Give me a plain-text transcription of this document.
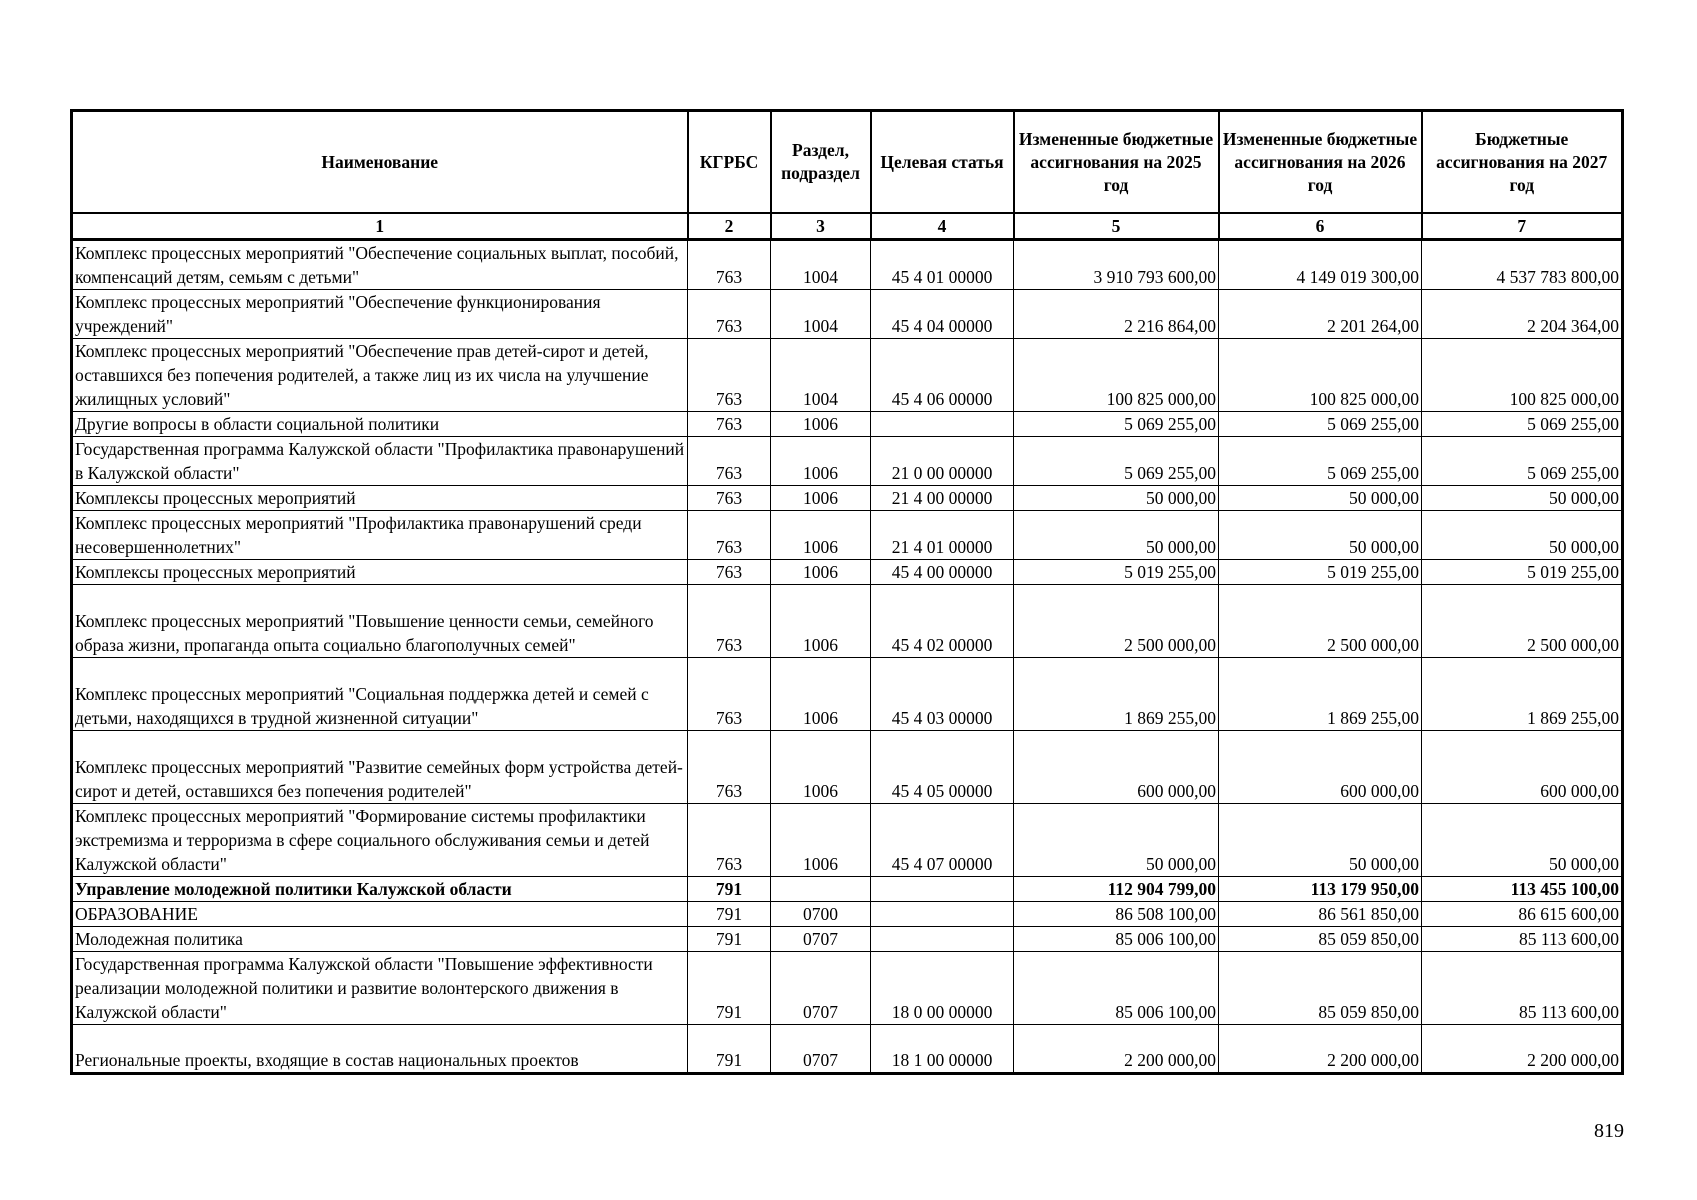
Наименование	КГРБС	Раздел, подраздел	Целевая статья	Измененные бюджетные ассигнования на 2025 год	Измененные бюджетные ассигнования на 2026 год	Бюджетные ассигнования на 2027 год
1	2	3	4	5	6	7
Комплекс процессных мероприятий "Обеспечение социальных выплат, пособий, компенсаций детям, семьям с детьми"	763	1004	45 4 01 00000	3 910 793 600,00	4 149 019 300,00	4 537 783 800,00
Комплекс процессных мероприятий "Обеспечение функционирования учреждений"	763	1004	45 4 04 00000	2 216 864,00	2 201 264,00	2 204 364,00
Комплекс процессных мероприятий "Обеспечение прав детей-сирот и детей, оставшихся без попечения родителей, а также лиц из их числа на улучшение жилищных условий"	763	1004	45 4 06 00000	100 825 000,00	100 825 000,00	100 825 000,00
Другие вопросы в области социальной политики	763	1006		5 069 255,00	5 069 255,00	5 069 255,00
Государственная программа Калужской области "Профилактика правонарушений в Калужской области"	763	1006	21 0 00 00000	5 069 255,00	5 069 255,00	5 069 255,00
Комплексы процессных мероприятий	763	1006	21 4 00 00000	50 000,00	50 000,00	50 000,00
Комплекс процессных мероприятий "Профилактика правонарушений среди несовершеннолетних"	763	1006	21 4 01 00000	50 000,00	50 000,00	50 000,00
Комплексы процессных мероприятий	763	1006	45 4 00 00000	5 019 255,00	5 019 255,00	5 019 255,00
Комплекс процессных мероприятий "Повышение ценности семьи, семейного образа жизни, пропаганда опыта социально благополучных семей"	763	1006	45 4 02 00000	2 500 000,00	2 500 000,00	2 500 000,00
Комплекс процессных мероприятий "Социальная поддержка детей и семей с детьми, находящихся в трудной жизненной ситуации"	763	1006	45 4 03 00000	1 869 255,00	1 869 255,00	1 869 255,00
Комплекс процессных мероприятий "Развитие семейных форм устройства детей-сирот и детей, оставшихся без попечения родителей"	763	1006	45 4 05 00000	600 000,00	600 000,00	600 000,00
Комплекс процессных мероприятий "Формирование системы профилактики экстремизма и терроризма в сфере социального обслуживания семьи и детей Калужской области"	763	1006	45 4 07 00000	50 000,00	50 000,00	50 000,00
Управление молодежной политики Калужской области	791			112 904 799,00	113 179 950,00	113 455 100,00
ОБРАЗОВАНИЕ	791	0700		86 508 100,00	86 561 850,00	86 615 600,00
Молодежная политика	791	0707		85 006 100,00	85 059 850,00	85 113 600,00
Государственная программа Калужской области "Повышение эффективности реализации молодежной политики и развитие волонтерского движения в Калужской области"	791	0707	18 0 00 00000	85 006 100,00	85 059 850,00	85 113 600,00
Региональные проекты, входящие в состав национальных проектов	791	0707	18 1 00 00000	2 200 000,00	2 200 000,00	2 200 000,00
819
